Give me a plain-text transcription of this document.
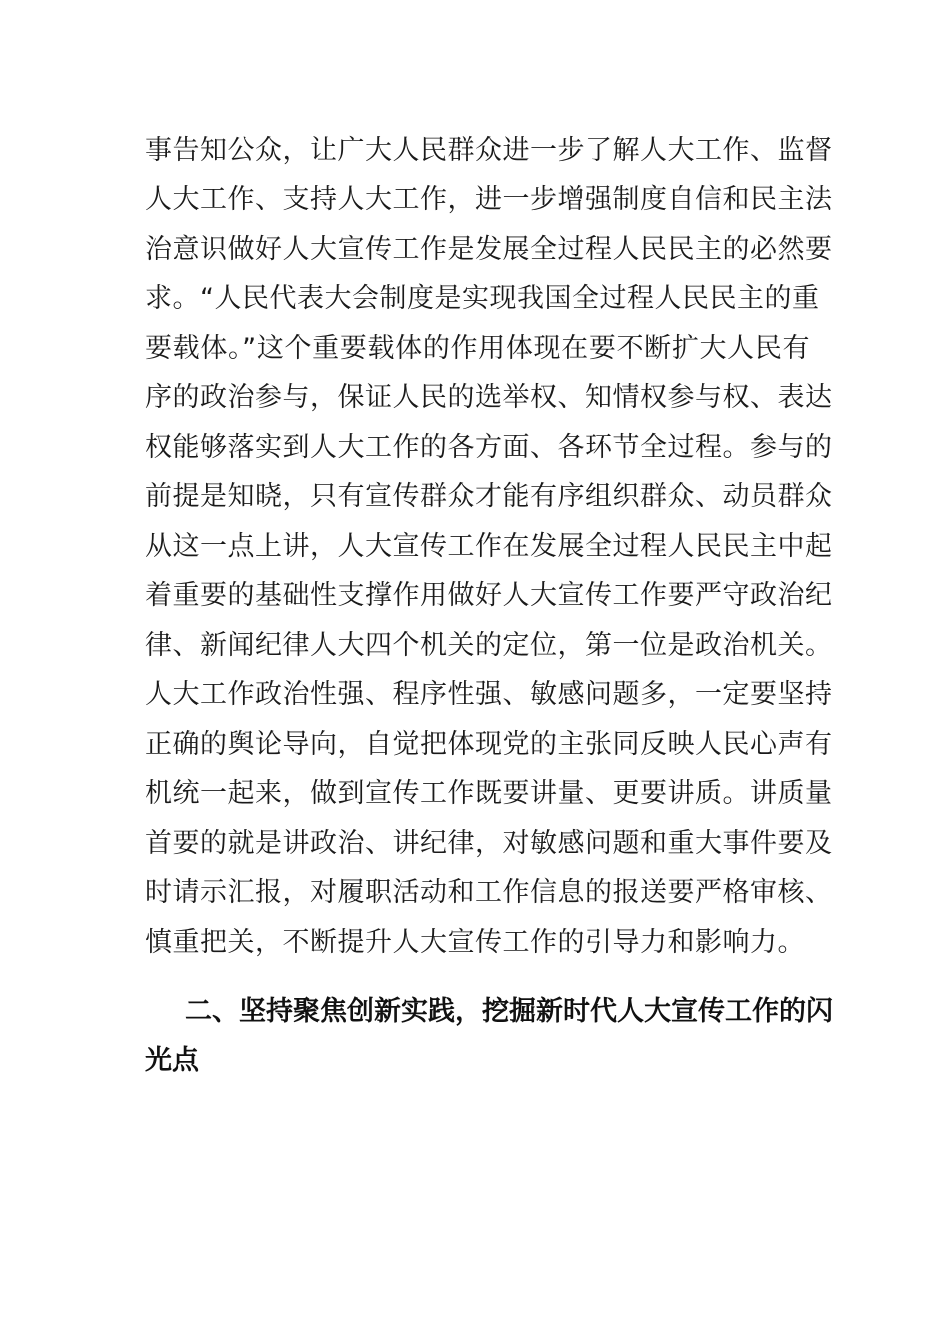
事告知公众，让广大人民群众进一步了解人大工作、监督
人大工作、支持人大工作，进一步增强制度自信和民主法
治意识做好人大宣传工作是发展全过程人民民主的必然要
求。“人民代表大会制度是实现我国全过程人民民主的重
要载体。”这个重要载体的作用体现在要不断扩大人民有
序的政治参与，保证人民的选举权、知情权参与权、表达
权能够落实到人大工作的各方面、各环节全过程。参与的
前提是知晓，只有宣传群众才能有序组织群众、动员群众
从这一点上讲，人大宣传工作在发展全过程人民民主中起
着重要的基础性支撑作用做好人大宣传工作要严守政治纪
律、新闻纪律人大四个机关的定位，第一位是政治机关。
人大工作政治性强、程序性强、敏感问题多，一定要坚持
正确的舆论导向，自觉把体现党的主张同反映人民心声有
机统一起来，做到宣传工作既要讲量、更要讲质。讲质量
首要的就是讲政治、讲纪律，对敏感问题和重大事件要及
时请示汇报，对履职活动和工作信息的报送要严格审核、
慎重把关，不断提升人大宣传工作的引导力和影响力。
二、坚持聚焦创新实践，挖掘新时代人大宣传工作的闪
光点
